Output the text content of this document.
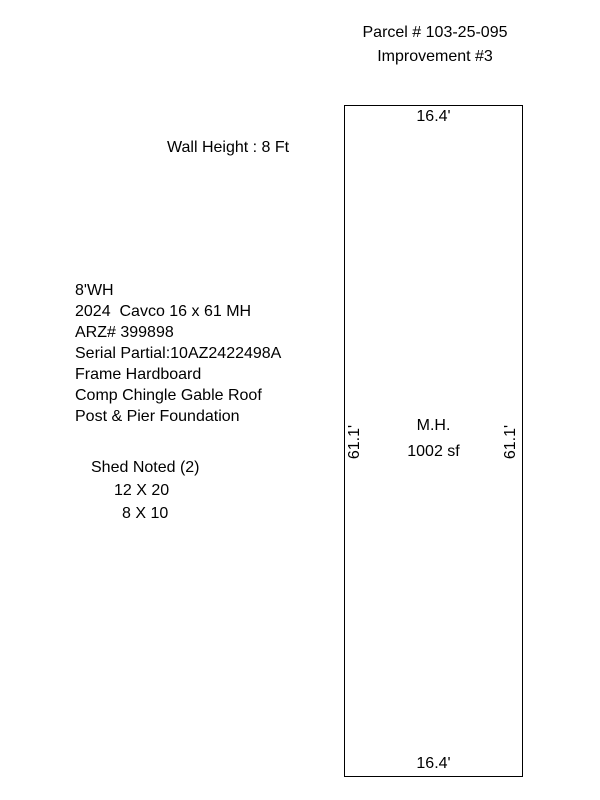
Parcel # 103-25-095
Improvement #3
Wall Height : 8 Ft
8'WH
2024  Cavco 16 x 61 MH
ARZ# 399898
Serial Partial:10AZ2422498A
Frame Hardboard
Comp Chingle Gable Roof
Post & Pier Foundation
Shed Noted (2)
12 X 20
8 X 10
16.4'
16.4'
61.1'	61.1'
M.H.
1002 sf
